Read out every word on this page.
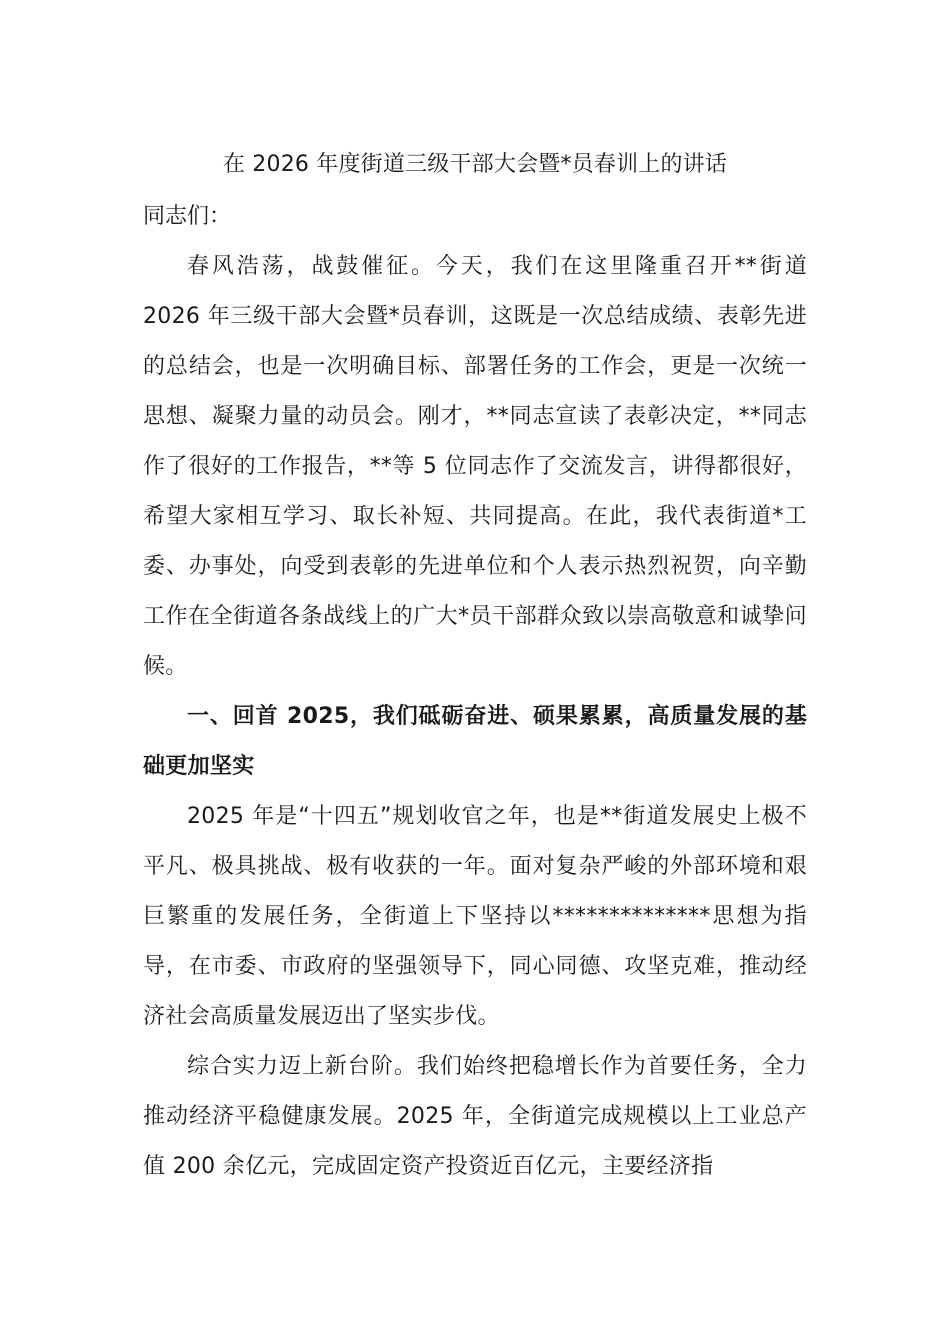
在 2026 年度街道三级干部大会暨*员春训上的讲话
同志们：

春风浩荡，战鼓催征。今天，我们在这里隆重召开**街道 2026 年三级干部大会暨*员春训，这既是一次总结成绩、表彰先进的总结会，也是一次明确目标、部署任务的工作会，更是一次统一思想、凝聚力量的动员会。刚才，**同志宣读了表彰决定，**同志作了很好的工作报告，**等 5 位同志作了交流发言，讲得都很好，希望大家相互学习、取长补短、共同提高。在此，我代表街道*工委、办事处，向受到表彰的先进单位和个人表示热烈祝贺，向辛勤工作在全街道各条战线上的广大*员干部群众致以崇高敬意和诚挚问候。

一、回首 2025，我们砥砺奋进、硕果累累，高质量发展的基础更加坚实

2025 年是“十四五”规划收官之年，也是**街道发展史上极不平凡、极具挑战、极有收获的一年。面对复杂严峻的外部环境和艰巨繁重的发展任务，全街道上下坚持以**************思想为指导，在市委、市政府的坚强领导下，同心同德、攻坚克难，推动经济社会高质量发展迈出了坚实步伐。

综合实力迈上新台阶。我们始终把稳增长作为首要任务，全力推动经济平稳健康发展。2025 年，全街道完成规模以上工业总产值 200 余亿元，完成固定资产投资近百亿元，主要经济指
